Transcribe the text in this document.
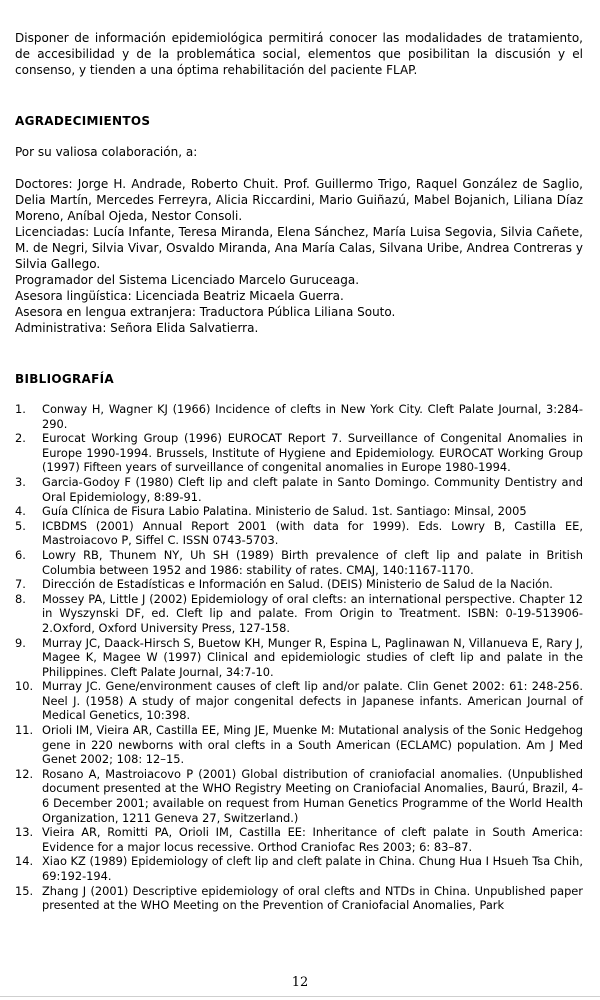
Disponer de información epidemiológica permitirá conocer las modalidades de tratamiento, de accesibilidad y de la problemática social, elementos que posibilitan la discusión y el consenso, y tienden a una óptima rehabilitación del paciente FLAP.

AGRADECIMIENTOS

Por su valiosa colaboración, a:

Doctores: Jorge H. Andrade, Roberto Chuit. Prof. Guillermo Trigo, Raquel González de Saglio, Delia Martín, Mercedes Ferreyra, Alicia Riccardini, Mario Guiñazú, Mabel Bojanich, Liliana Díaz Moreno, Aníbal Ojeda, Nestor Consoli.

Licenciadas: Lucía Infante, Teresa Miranda, Elena Sánchez, María Luisa Segovia, Silvia Cañete, M. de Negri, Silvia Vivar, Osvaldo Miranda, Ana María Calas, Silvana Uribe, Andrea Contreras y Silvia Gallego.

Programador del Sistema Licenciado Marcelo Guruceaga.

Asesora lingüística: Licenciada Beatriz Micaela Guerra.

Asesora en lengua extranjera: Traductora Pública Liliana Souto.

Administrativa: Señora Elida Salvatierra.

BIBLIOGRAFÍA
1. Conway H, Wagner KJ (1966) Incidence of clefts in New York City. Cleft Palate Journal, 3:284-290.
2. Eurocat Working Group (1996) EUROCAT Report 7. Surveillance of Congenital Anomalies in Europe 1990-1994. Brussels, Institute of Hygiene and Epidemiology. EUROCAT Working Group (1997) Fifteen years of surveillance of congenital anomalies in Europe 1980-1994.
3. Garcia-Godoy F (1980) Cleft lip and cleft palate in Santo Domingo. Community Dentistry and Oral Epidemiology, 8:89-91.
4. Guía Clínica de Fisura Labio Palatina. Ministerio de Salud. 1st. Santiago: Minsal, 2005
5. ICBDMS (2001) Annual Report 2001 (with data for 1999). Eds. Lowry B, Castilla EE, Mastroiacovo P, Siffel C. ISSN 0743-5703.
6. Lowry RB, Thunem NY, Uh SH (1989) Birth prevalence of cleft lip and palate in British Columbia between 1952 and 1986: stability of rates. CMAJ, 140:1167-1170.
7. Dirección de Estadísticas e Información en Salud. (DEIS) Ministerio de Salud de la Nación.
8. Mossey PA, Little J (2002) Epidemiology of oral clefts: an international perspective. Chapter 12 in Wyszynski DF, ed. Cleft lip and palate. From Origin to Treatment. ISBN: 0-19-513906-2.Oxford, Oxford University Press, 127-158.
9. Murray JC, Daack-Hirsch S, Buetow KH, Munger R, Espina L, Paglinawan N, Villanueva E, Rary J, Magee K, Magee W (1997) Clinical and epidemiologic studies of cleft lip and palate in the Philippines. Cleft Palate Journal, 34:7-10.
10. Murray JC. Gene/environment causes of cleft lip and/or palate. Clin Genet 2002: 61: 248-256. Neel J. (1958) A study of major congenital defects in Japanese infants. American Journal of Medical Genetics, 10:398.
11. Orioli IM, Vieira AR, Castilla EE, Ming JE, Muenke M: Mutational analysis of the Sonic Hedgehog gene in 220 newborns with oral clefts in a South American (ECLAMC) population. Am J Med Genet 2002; 108: 12–15.
12. Rosano A, Mastroiacovo P (2001) Global distribution of craniofacial anomalies. (Unpublished document presented at the WHO Registry Meeting on Craniofacial Anomalies, Baurú, Brazil, 4-6 December 2001; available on request from Human Genetics Programme of the World Health Organization, 1211 Geneva 27, Switzerland.)
13. Vieira AR, Romitti PA, Orioli IM, Castilla EE: Inheritance of cleft palate in South America: Evidence for a major locus recessive. Orthod Craniofac Res 2003; 6: 83–87.
14. Xiao KZ (1989) Epidemiology of cleft lip and cleft palate in China. Chung Hua I Hsueh Tsa Chih, 69:192-194.
15. Zhang J (2001) Descriptive epidemiology of oral clefts and NTDs in China. Unpublished paper presented at the WHO Meeting on the Prevention of Craniofacial Anomalies, Park
12
